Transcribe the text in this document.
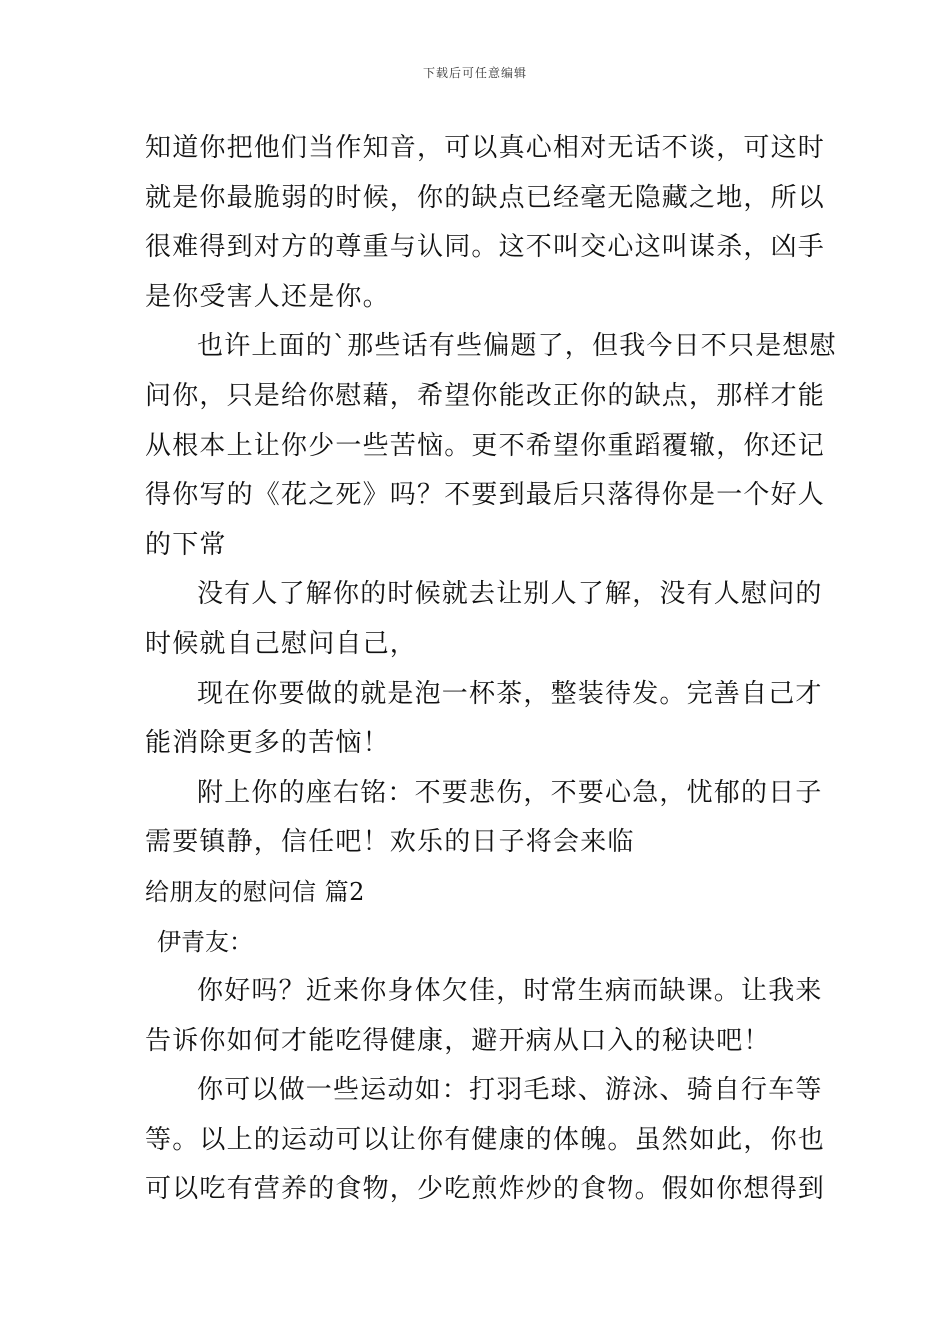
下载后可任意编辑

知道你把他们当作知音，可以真心相对无话不谈，可这时
就是你最脆弱的时候，你的缺点已经毫无隐藏之地，所以
很难得到对方的尊重与认同。这不叫交心这叫谋杀，凶手
是你受害人还是你。

也许上面的`那些话有些偏题了，但我今日不只是想慰
问你，只是给你慰藉，希望你能改正你的缺点，那样才能
从根本上让你少一些苦恼。更不希望你重蹈覆辙，你还记
得你写的《花之死》吗？不要到最后只落得你是一个好人
的下常

没有人了解你的时候就去让别人了解，没有人慰问的
时候就自己慰问自己，

现在你要做的就是泡一杯茶，整装待发。完善自己才
能消除更多的苦恼！

附上你的座右铭：不要悲伤，不要心急，忧郁的日子
需要镇静，信任吧！欢乐的日子将会来临

给朋友的慰问信 篇2

伊青友：

你好吗？近来你身体欠佳，时常生病而缺课。让我来
告诉你如何才能吃得健康，避开病从口入的秘诀吧！

你可以做一些运动如：打羽毛球、游泳、骑自行车等
等。以上的运动可以让你有健康的体魄。虽然如此，你也
可以吃有营养的食物，少吃煎炸炒的食物。假如你想得到
